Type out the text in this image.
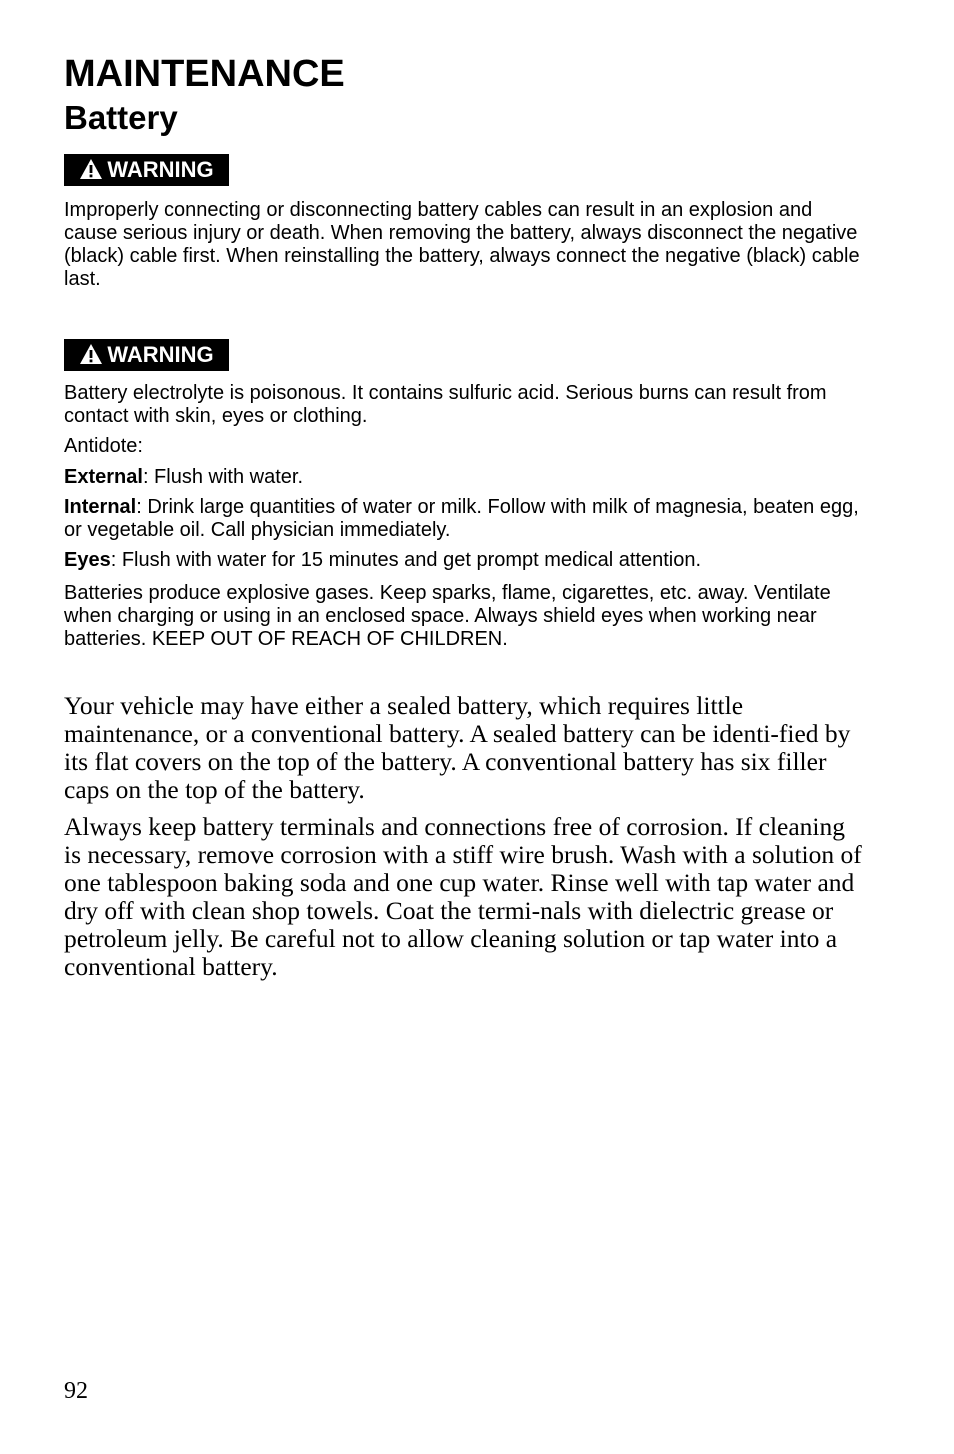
MAINTENANCE
Battery
WARNING

Improperly connecting or disconnecting battery cables can result in an explosion and cause serious injury or death. When removing the battery, always disconnect the negative (black) cable first. When reinstalling the battery, always connect the negative (black) cable last.

WARNING

Battery electrolyte is poisonous. It contains sulfuric acid. Serious burns can result from contact with skin, eyes or clothing.

Antidote:

External: Flush with water.

Internal: Drink large quantities of water or milk. Follow with milk of magnesia, beaten egg, or vegetable oil. Call physician immediately.

Eyes: Flush with water for 15 minutes and get prompt medical attention.

Batteries produce explosive gases. Keep sparks, flame, cigarettes, etc. away. Ventilate when charging or using in an enclosed space. Always shield eyes when working near batteries. KEEP OUT OF REACH OF CHILDREN.

Your vehicle may have either a sealed battery, which requires little maintenance, or a conventional battery. A sealed battery can be identi-fied by its flat covers on the top of the battery. A conventional battery has six filler caps on the top of the battery.

Always keep battery terminals and connections free of corrosion. If cleaning is necessary, remove corrosion with a stiff wire brush. Wash with a solution of one tablespoon baking soda and one cup water. Rinse well with tap water and dry off with clean shop towels. Coat the termi-nals with dielectric grease or petroleum jelly. Be careful not to allow cleaning solution or tap water into a conventional battery.

92
